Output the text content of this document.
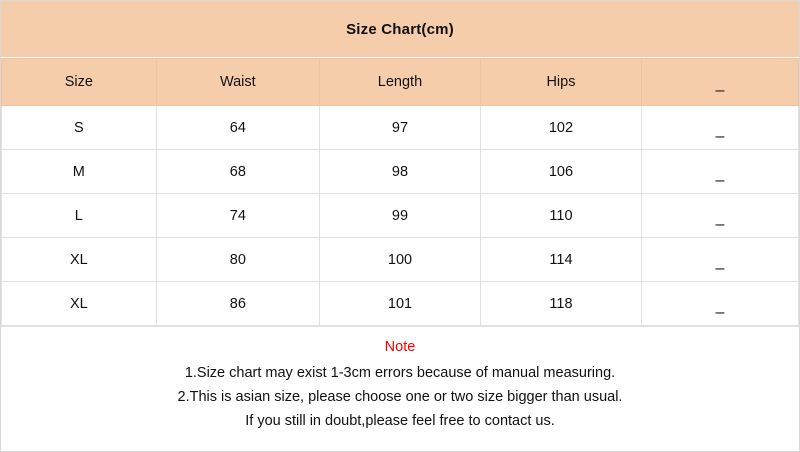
Size Chart(cm)
Size	Waist	Length	Hips	–
S	64	97	102	–
M	68	98	106	–
L	74	99	110	–
XL	80	100	114	–
XL	86	101	118	–
Note
1.Size chart may exist 1-3cm errors because of manual measuring.
2.This is asian size, please choose one or two size bigger than usual.
If you still in doubt,please feel free to contact us.
